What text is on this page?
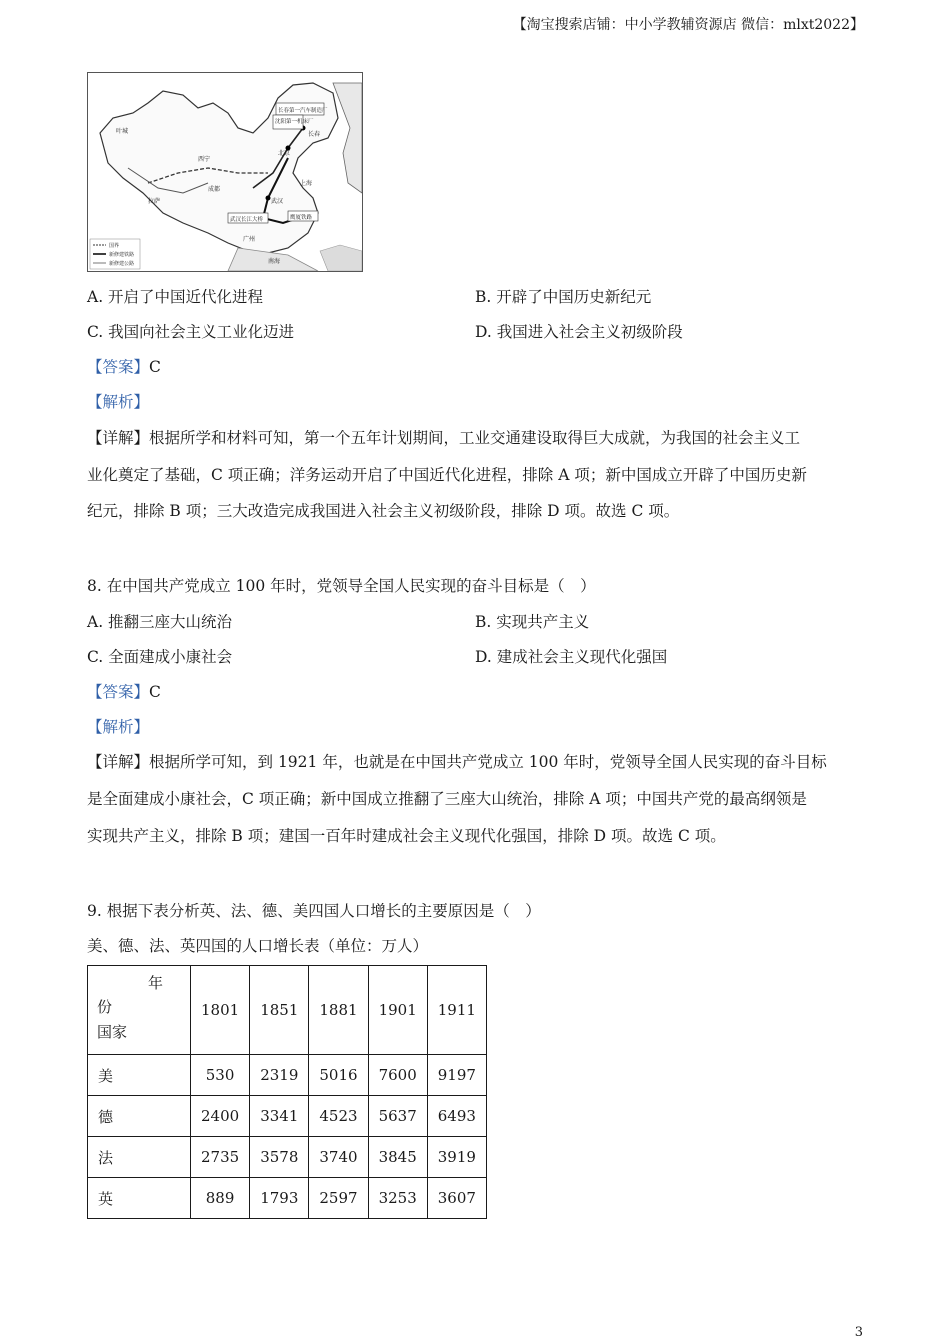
【淘宝搜索店铺：中小学教辅资源店 微信：mlxt2022】
长春第一汽车制造厂
沈阳第一机床厂
长春
北京
武汉长江大桥	鹰厦铁路
西宁
成都
拉萨
广州
武汉
上海
南海
叶城
国界
新修建铁路
新修建公路
A. 开启了中国近代化进程	B. 开辟了中国历史新纪元
C. 我国向社会主义工业化迈进	D. 我国进入社会主义初级阶段
【答案】C
【解析】
【详解】根据所学和材料可知，第一个五年计划期间，工业交通建设取得巨大成就，为我国的社会主义工
业化奠定了基础，C 项正确；洋务运动开启了中国近代化进程，排除 A 项；新中国成立开辟了中国历史新
纪元，排除 B 项；三大改造完成我国进入社会主义初级阶段，排除 D 项。故选 C 项。
8. 在中国共产党成立 100 年时，党领导全国人民实现的奋斗目标是（　）
A. 推翻三座大山统治	B. 实现共产主义
C. 全面建成小康社会	D. 建成社会主义现代化强国
【答案】C
【解析】
【详解】根据所学可知，到 1921 年，也就是在中国共产党成立 100 年时，党领导全国人民实现的奋斗目标
是全面建成小康社会，C 项正确；新中国成立推翻了三座大山统治，排除 A 项；中国共产党的最高纲领是
实现共产主义，排除 B 项；建国一百年时建成社会主义现代化强国，排除 D 项。故选 C 项。
9. 根据下表分析英、法、德、美四国人口增长的主要原因是（　）
美、德、法、英四国的人口增长表（单位：万人）
年
份
国家	1801	1851	1881	1901	1911
美	530	2319	5016	7600	9197
德	2400	3341	4523	5637	6493
法	2735	3578	3740	3845	3919
英	889	1793	2597	3253	3607
3
